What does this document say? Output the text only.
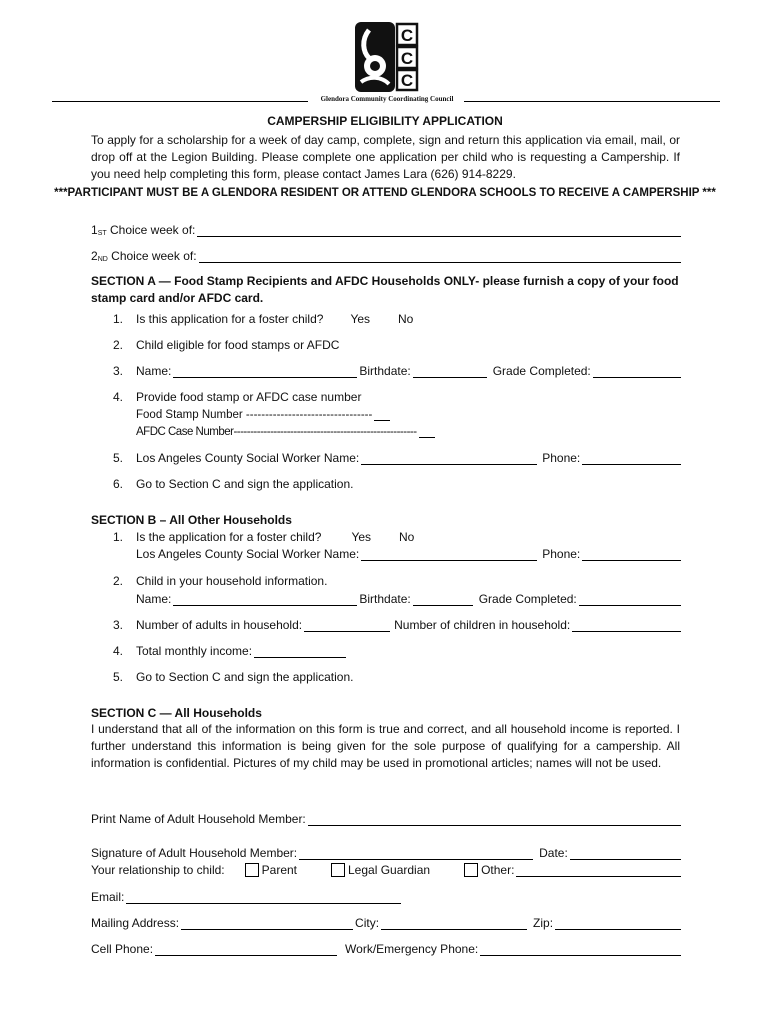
C
C
C
Glendora Community Coordinating Council
CAMPERSHIP ELIGIBILITY APPLICATION
To apply for a scholarship for a week of day camp, complete, sign and return this application via email, mail, or drop off at the Legion Building. Please complete one application per child who is requesting a Campership. If you need help completing this form, please contact James Lara (626) 914-8229.
***PARTICIPANT MUST BE A GLENDORA RESIDENT OR ATTEND GLENDORA SCHOOLS TO RECEIVE A CAMPERSHIP ***
$1_{ST}$
Choice week of:
$2_{ND}$
Choice week of:
SECTION A — Food Stamp Recipients and AFDC Households ONLY- please furnish a copy of your food stamp card and/or AFDC card.
1.	Is this application for a foster child? Yes No
2.	Child eligible for food stamps or AFDC
3.	Name:	Birthdate:	Grade Completed:
4.	Provide food stamp or AFDC case number
Food Stamp Number ---------------------------------
AFDC Case Number-------------------------------------------------------
5.	Los Angeles County Social Worker Name:	Phone:
6.	Go to Section C and sign the application.
SECTION B – All Other Households
1.	Is the application for a foster child?	Yes No
Los Angeles County Social Worker Name:	Phone:
2.	Child in your household information.
Name:	Birthdate:	Grade Completed:
3.	Number of adults in household:	Number of children in household:
4.	Total monthly income:
5.	Go to Section C and sign the application.
SECTION C — All Households
I understand that all of the information on this form is true and correct, and all household income is reported. I further understand this information is being given for the sole purpose of qualifying for a campership. All information is confidential. Pictures of my child may be used in promotional articles; names will not be used.
Print Name of Adult Household Member:
Signature of Adult Household Member:	Date:
Your relationship to child:	Parent	Legal Guardian	Other:
Email:
Mailing Address:	City:	Zip:
Cell Phone:	Work/Emergency Phone:
